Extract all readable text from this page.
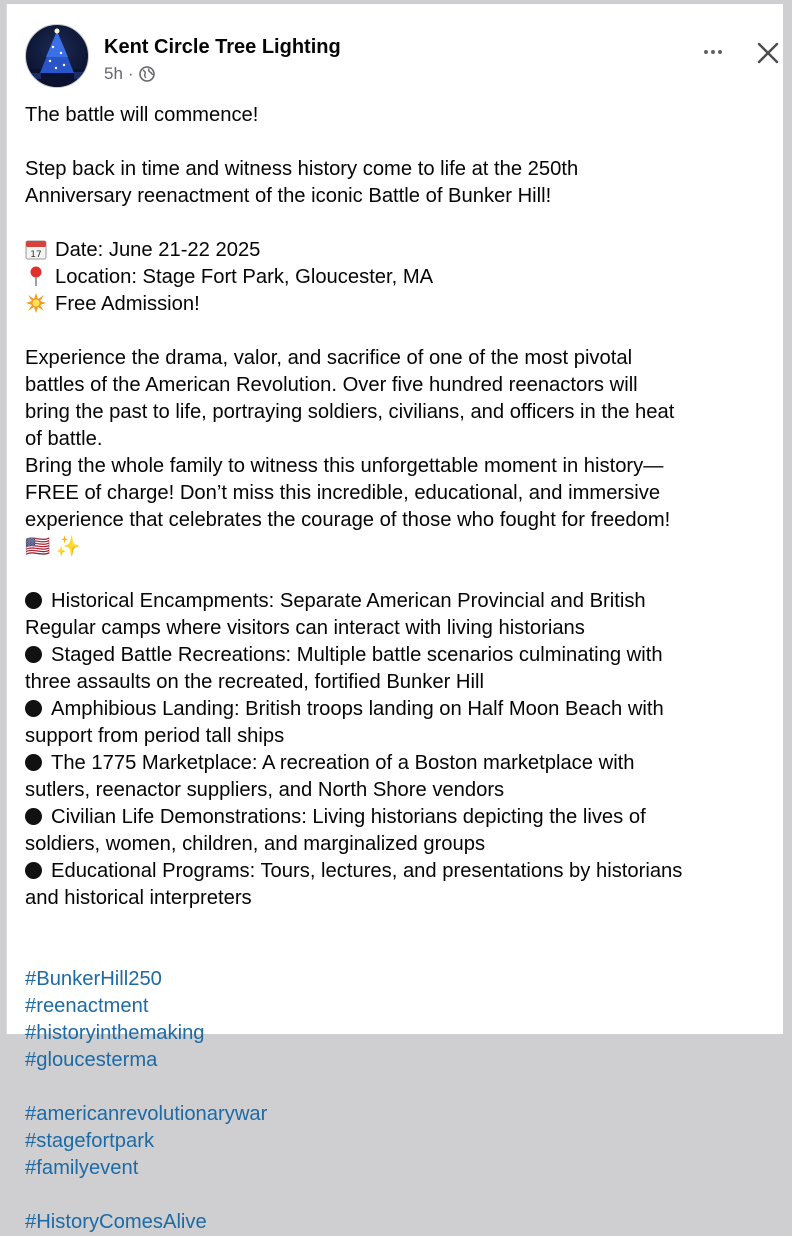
Kent Circle Tree Lighting
5h ·

The battle will commence!

Step back in time and witness history come to life at the 250th
Anniversary reenactment of the iconic Battle of Bunker Hill!

17 Date: June 21-22 2025

Location: Stage Fort Park, Gloucester, MA

Free Admission!

Experience the drama, valor, and sacrifice of one of the most pivotal
battles of the American Revolution. Over five hundred reenactors will
bring the past to life, portraying soldiers, civilians, and officers in the heat
of battle.
Bring the whole family to witness this unforgettable moment in history—
FREE of charge! Don’t miss this incredible, educational, and immersive
experience that celebrates the courage of those who fought for freedom!

🇺🇸 ✨

Historical Encampments: Separate American Provincial and British
Regular camps where visitors can interact with living historians

Staged Battle Recreations: Multiple battle scenarios culminating with
three assaults on the recreated, fortified Bunker Hill

Amphibious Landing: British troops landing on Half Moon Beach with
support from period tall ships

The 1775 Marketplace: A recreation of a Boston marketplace with
sutlers, reenactor suppliers, and North Shore vendors

Civilian Life Demonstrations: Living historians depicting the lives of
soldiers, women, children, and marginalized groups

Educational Programs: Tours, lectures, and presentations by historians
and historical interpreters

#BunkerHill250
#reenactment
#historyinthemaking
#gloucesterma

#americanrevolutionarywar
#stagefortpark
#familyevent

#HistoryComesAlive
